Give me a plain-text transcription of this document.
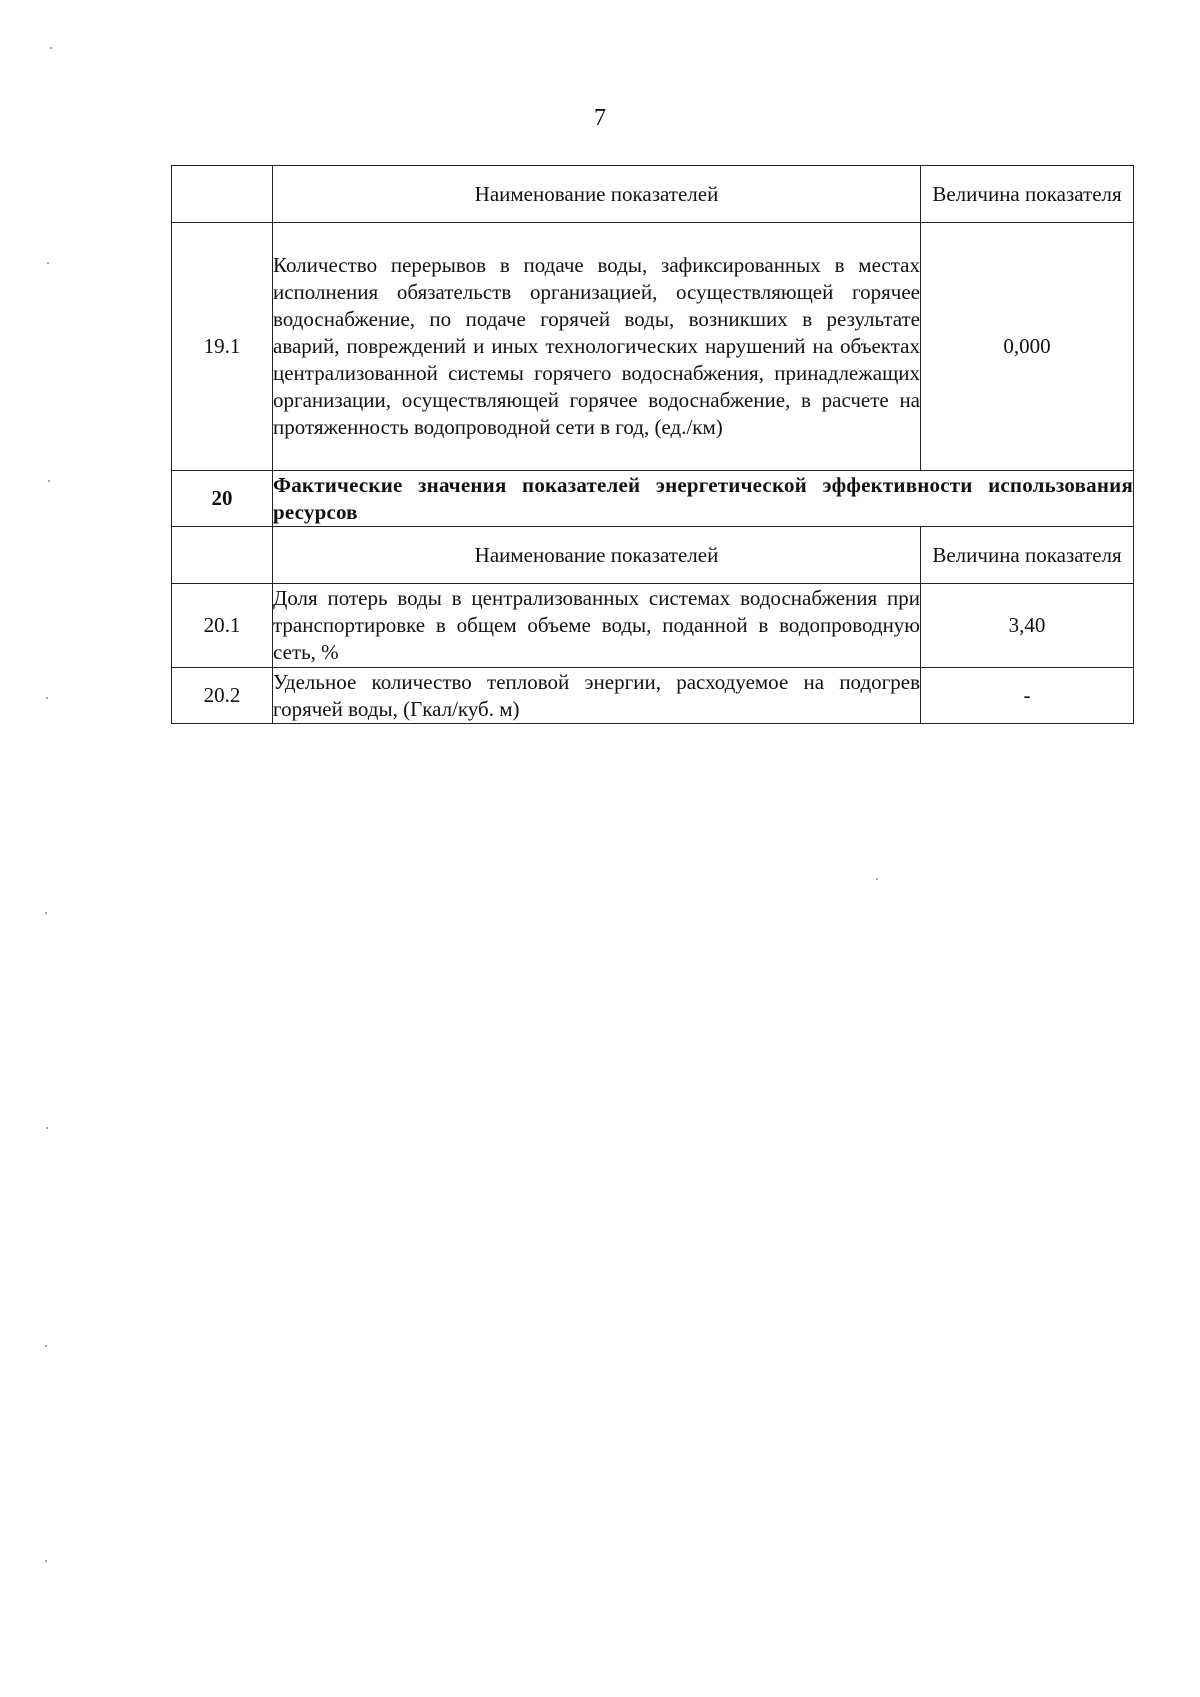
7
	Наименование показателей	Величина показателя
19.1	Количество перерывов в подаче воды, зафиксированных в местах исполнения обязательств организацией, осуществляющей горячее водоснабжение, по подаче горячей воды, возникших в результате аварий, повреждений и иных технологических нарушений на объектах централизованной системы горячего водоснабжения, принадлежащих организации, осуществляющей горячее водоснабжение, в расчете на протяженность водопроводной сети в год, (ед./км)	0,000
20	Фактические значения показателей энергетической эффективности использования ресурсов	
	Наименование показателей	Величина показателя
20.1	Доля потерь воды в централизованных системах водоснабжения при транспортировке в общем объеме воды, поданной в водопроводную сеть, %	3,40
20.2	Удельное количество тепловой энергии, расходуемое на подогрев горячей воды, (Гкал/куб. м)	-
